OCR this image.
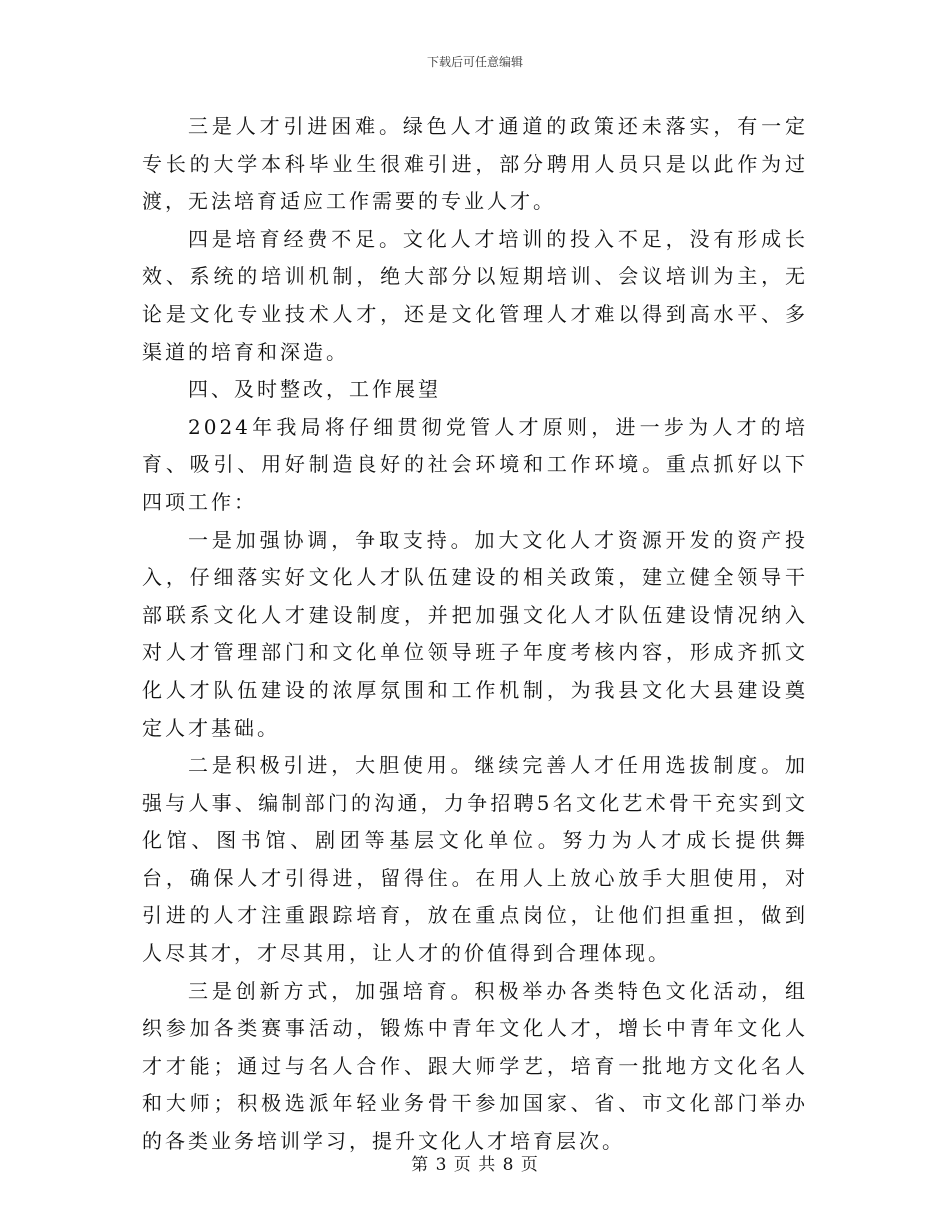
下载后可任意编辑

三是人才引进困难。绿色人才通道的政策还未落实，有一定专长的大学本科毕业生很难引进，部分聘用人员只是以此作为过渡，无法培育适应工作需要的专业人才。

四是培育经费不足。文化人才培训的投入不足，没有形成长效、系统的培训机制，绝大部分以短期培训、会议培训为主，无论是文化专业技术人才，还是文化管理人才难以得到高水平、多渠道的培育和深造。

四、及时整改，工作展望

2024年我局将仔细贯彻党管人才原则，进一步为人才的培育、吸引、用好制造良好的社会环境和工作环境。重点抓好以下四项工作：

一是加强协调，争取支持。加大文化人才资源开发的资产投入，仔细落实好文化人才队伍建设的相关政策，建立健全领导干部联系文化人才建设制度，并把加强文化人才队伍建设情况纳入对人才管理部门和文化单位领导班子年度考核内容，形成齐抓文化人才队伍建设的浓厚氛围和工作机制，为我县文化大县建设奠定人才基础。

二是积极引进，大胆使用。继续完善人才任用选拔制度。加强与人事、编制部门的沟通，力争招聘5名文化艺术骨干充实到文化馆、图书馆、剧团等基层文化单位。努力为人才成长提供舞台，确保人才引得进，留得住。在用人上放心放手大胆使用，对引进的人才注重跟踪培育，放在重点岗位，让他们担重担，做到人尽其才，才尽其用，让人才的价值得到合理体现。

三是创新方式，加强培育。积极举办各类特色文化活动，组织参加各类赛事活动，锻炼中青年文化人才，增长中青年文化人才才能；通过与名人合作、跟大师学艺，培育一批地方文化名人和大师；积极选派年轻业务骨干参加国家、省、市文化部门举办的各类业务培训学习，提升文化人才培育层次。

第 3 页 共 8 页
